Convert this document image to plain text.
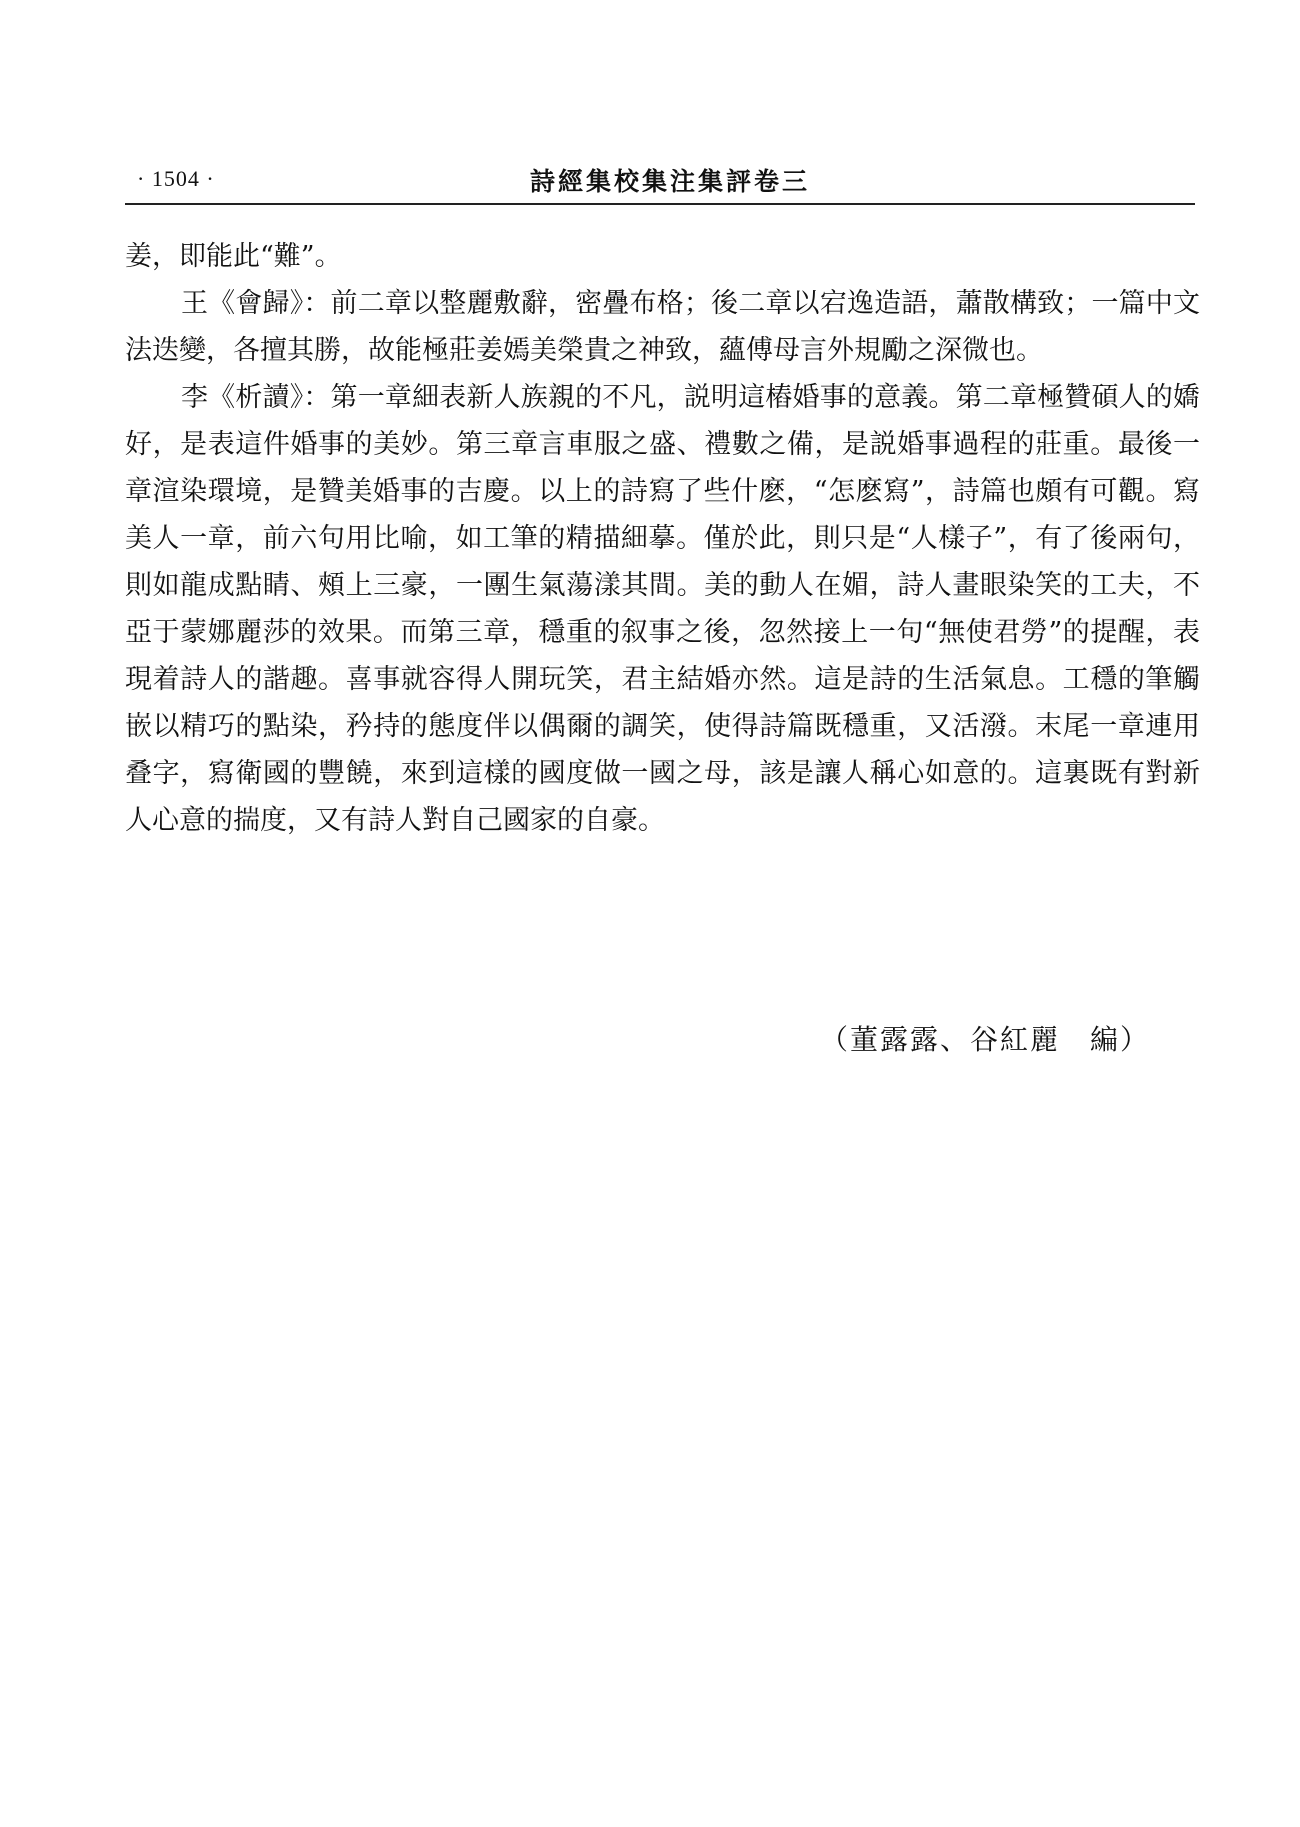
· 1504 ·	詩經集校集注集評卷三

姜，即能此“難”。

王《會歸》：前二章以整麗敷辭，密疊布格；後二章以宕逸造語，蕭散構致；一篇中文法迭變，各擅其勝，故能極莊姜嫣美榮貴之神致，蘊傅母言外規勵之深微也。

李《析讀》：第一章細表新人族親的不凡，説明這樁婚事的意義。第二章極贊碩人的嬌好，是表這件婚事的美妙。第三章言車服之盛、禮數之備，是説婚事過程的莊重。最後一章渲染環境，是贊美婚事的吉慶。以上的詩寫了些什麽，“怎麽寫”，詩篇也頗有可觀。寫美人一章，前六句用比喻，如工筆的精描細摹。僅於此，則只是“人樣子”，有了後兩句，則如龍成點睛、頰上三豪，一團生氣蕩漾其間。美的動人在媚，詩人畫眼染笑的工夫，不亞于蒙娜麗莎的效果。而第三章，穩重的叙事之後，忽然接上一句“無使君勞”的提醒，表現着詩人的諧趣。喜事就容得人開玩笑，君主結婚亦然。這是詩的生活氣息。工穩的筆觸嵌以精巧的點染，矜持的態度伴以偶爾的調笑，使得詩篇既穩重，又活潑。末尾一章連用叠字，寫衛國的豐饒，來到這樣的國度做一國之母，該是讓人稱心如意的。這裏既有對新人心意的揣度，又有詩人對自己國家的自豪。

（董露露、谷紅麗　編）
